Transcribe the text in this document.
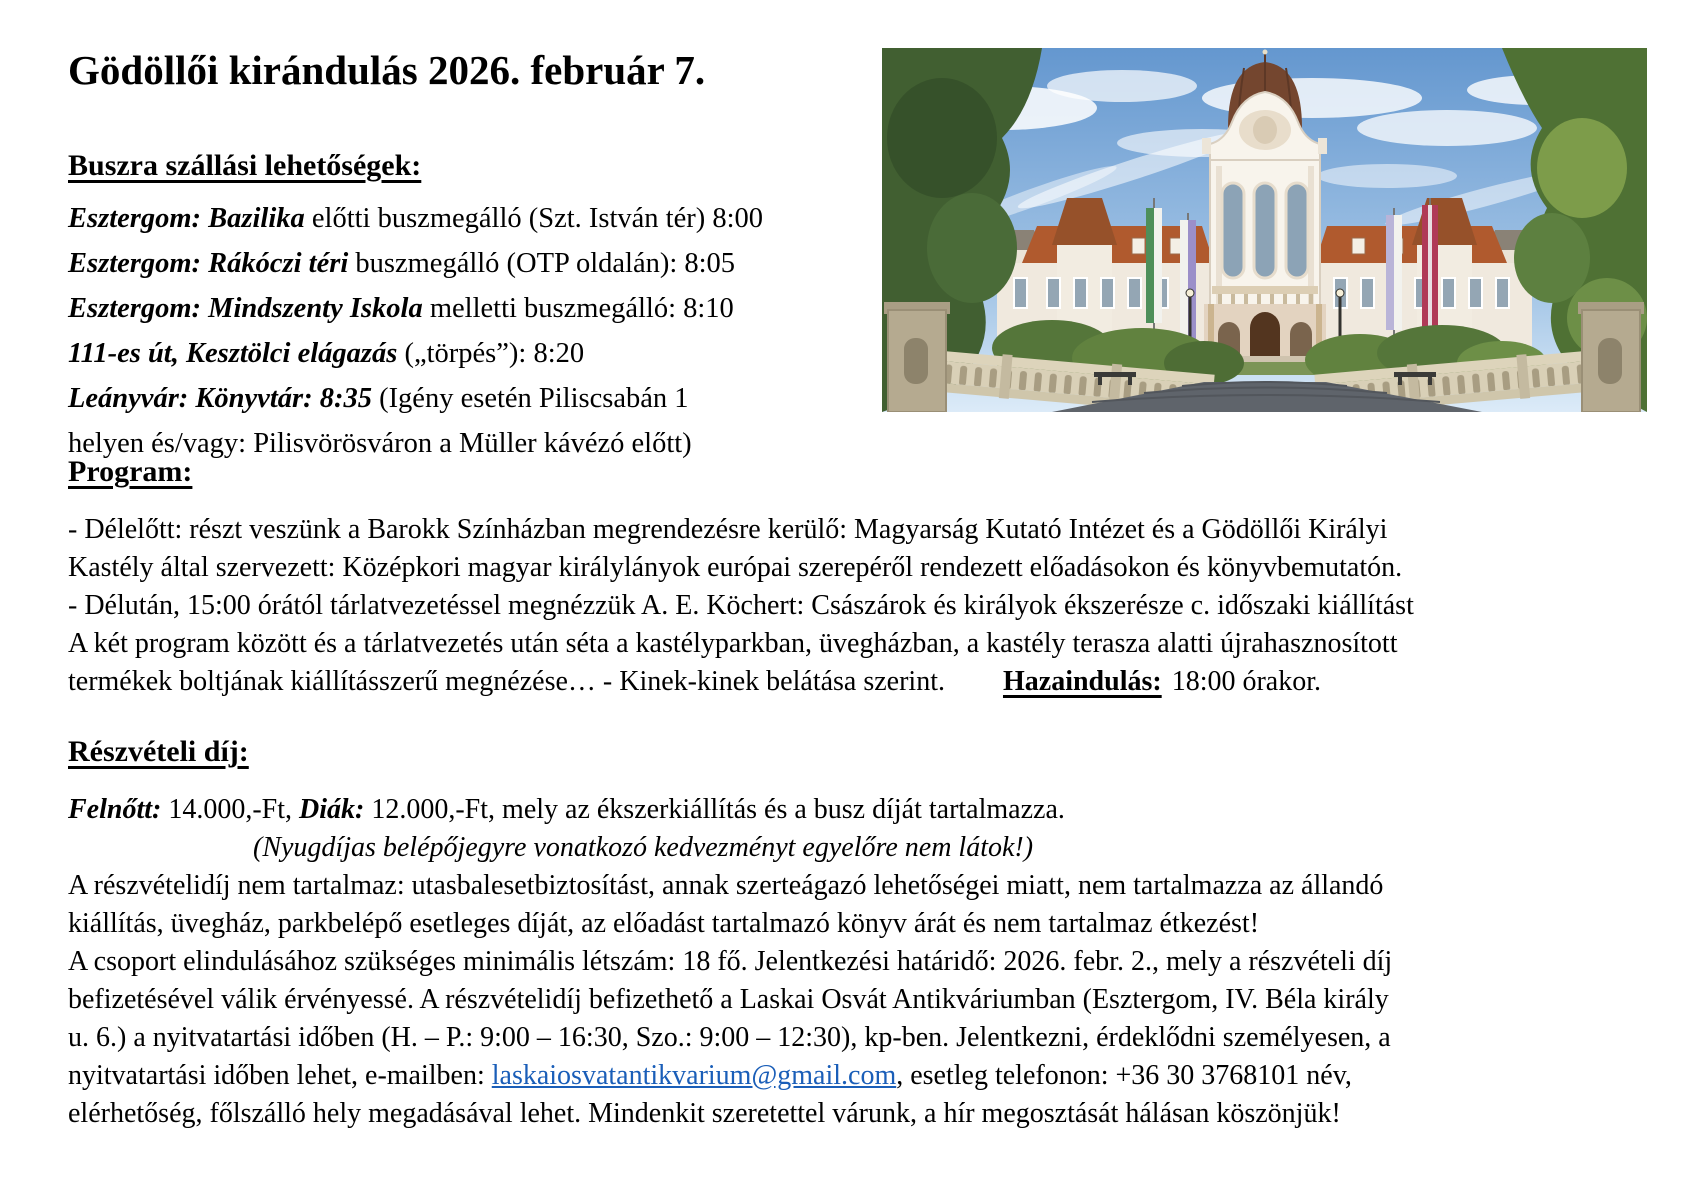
Gödöllői kirándulás 2026. február 7.
Buszra szállási lehetőségek:
Esztergom: Bazilika előtti buszmegálló (Szt. István tér) 8:00
Esztergom: Rákóczi téri buszmegálló (OTP oldalán): 8:05
Esztergom: Mindszenty Iskola melletti buszmegálló: 8:10
111-es út, Kesztölci elágazás („törpés”): 8:20
Leányvár: Könyvtár: 8:35 (Igény esetén Piliscsabán 1
helyen és/vagy: Pilisvörösváron a Müller kávézó előtt)
Program:
- Délelőtt: részt veszünk a Barokk Színházban megrendezésre kerülő: Magyarság Kutató Intézet és a Gödöllői Királyi
Kastély által szervezett: Középkori magyar királylányok európai szerepéről rendezett előadásokon és könyvbemutatón.
- Délután, 15:00 órától tárlatvezetéssel megnézzük A. E. Köchert: Császárok és királyok ékszerésze c. időszaki kiállítást
A két program között és a tárlatvezetés után séta a kastélyparkban, üvegházban, a kastély terasza alatti újrahasznosított
termékek boltjának kiállításszerű megnézése… - Kinek-kinek belátása szerint. Hazaindulás: 18:00 órakor.
Részvételi díj:
Felnőtt: 14.000,-Ft, Diák: 12.000,-Ft, mely az ékszerkiállítás és a busz díját tartalmazza.
(Nyugdíjas belépőjegyre vonatkozó kedvezményt egyelőre nem látok!)
A részvételidíj nem tartalmaz: utasbalesetbiztosítást, annak szerteágazó lehetőségei miatt, nem tartalmazza az állandó
kiállítás, üvegház, parkbelépő esetleges díját, az előadást tartalmazó könyv árát és nem tartalmaz étkezést!
A csoport elindulásához szükséges minimális létszám: 18 fő. Jelentkezési határidő: 2026. febr. 2., mely a részvételi díj
befizetésével válik érvényessé. A részvételidíj befizethető a Laskai Osvát Antikváriumban (Esztergom, IV. Béla király
u. 6.) a nyitvatartási időben (H. – P.: 9:00 – 16:30, Szo.: 9:00 – 12:30), kp-ben. Jelentkezni, érdeklődni személyesen, a
nyitvatartási időben lehet, e-mailben: laskaiosvatantikvarium@gmail.com, esetleg telefonon: +36 30 3768101 név,
elérhetőség, főlszálló hely megadásával lehet. Mindenkit szeretettel várunk, a hír megosztását hálásan köszönjük!
